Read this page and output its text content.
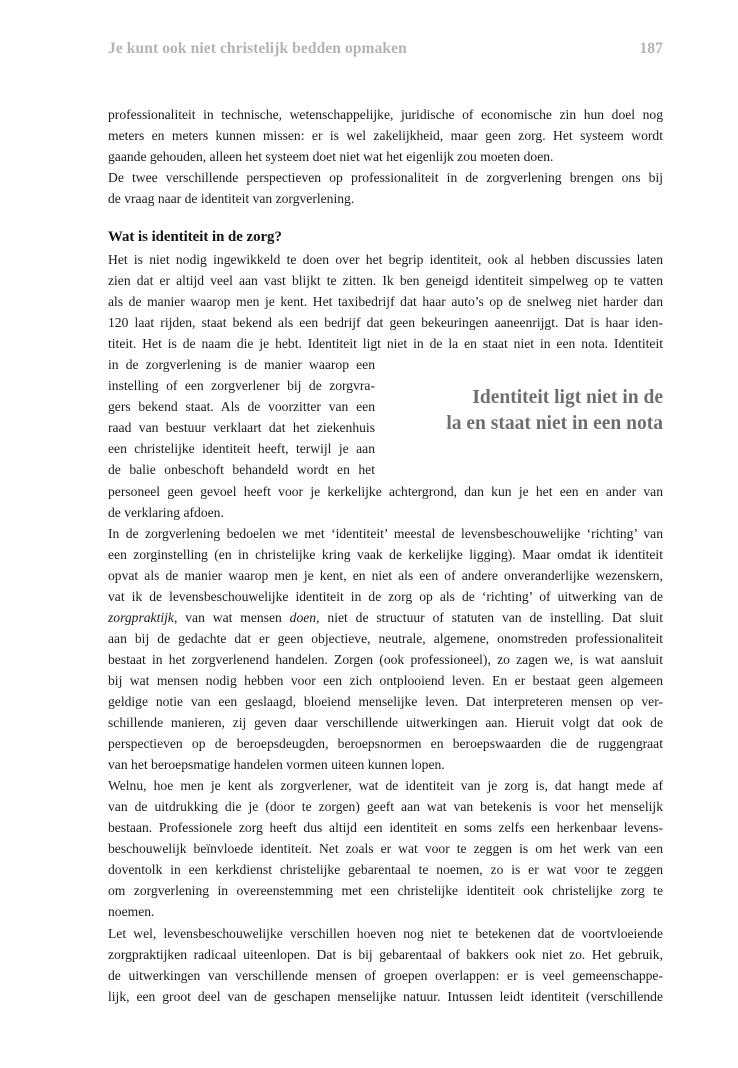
Je kunt ook niet christelijk bedden opmaken	187
professionaliteit in technische, wetenschappelijke, juridische of economische zin hun doel nog
meters en meters kunnen missen: er is wel zakelijkheid, maar geen zorg. Het systeem wordt
gaande gehouden, alleen het systeem doet niet wat het eigenlijk zou moeten doen.
De twee verschillende perspectieven op professionaliteit in de zorgverlening brengen ons bij
de vraag naar de identiteit van zorgverlening.
Wat is identiteit in de zorg?
Het is niet nodig ingewikkeld te doen over het begrip identiteit, ook al hebben discussies laten
zien dat er altijd veel aan vast blijkt te zitten. Ik ben geneigd identiteit simpelweg op te vatten
als de manier waarop men je kent. Het taxibedrijf dat haar auto’s op de snelweg niet harder dan
120 laat rijden, staat bekend als een bedrijf dat geen bekeuringen aaneenrijgt. Dat is haar iden-
titeit. Het is de naam die je hebt. Identiteit ligt niet in de la en staat niet in een nota. Identiteit
in de zorgverlening is de manier waarop een
instelling of een zorgverlener bij de zorgvra-
gers bekend staat. Als de voorzitter van een
raad van bestuur verklaart dat het ziekenhuis
een christelijke identiteit heeft, terwijl je aan
de balie onbeschoft behandeld wordt en het
personeel geen gevoel heeft voor je kerkelijke achtergrond, dan kun je het een en ander van
de verklaring afdoen.
In de zorgverlening bedoelen we met ‘identiteit’ meestal de levensbeschouwelijke ‘richting’ van
een zorginstelling (en in christelijke kring vaak de kerkelijke ligging). Maar omdat ik identiteit
opvat als de manier waarop men je kent, en niet als een of andere onveranderlijke wezenskern,
vat ik de levensbeschouwelijke identiteit in de zorg op als de ‘richting’ of uitwerking van de
zorgpraktijk, van wat mensen doen, niet de structuur of statuten van de instelling. Dat sluit
aan bij de gedachte dat er geen objectieve, neutrale, algemene, onomstreden professionaliteit
bestaat in het zorgverlenend handelen. Zorgen (ook professioneel), zo zagen we, is wat aansluit
bij wat mensen nodig hebben voor een zich ontplooiend leven. En er bestaat geen algemeen
geldige notie van een geslaagd, bloeiend menselijke leven. Dat interpreteren mensen op ver-
schillende manieren, zij geven daar verschillende uitwerkingen aan. Hieruit volgt dat ook de
perspectieven op de beroepsdeugden, beroepsnormen en beroepswaarden die de ruggengraat
van het beroepsmatige handelen vormen uiteen kunnen lopen.
Welnu, hoe men je kent als zorgverlener, wat de identiteit van je zorg is, dat hangt mede af
van de uitdrukking die je (door te zorgen) geeft aan wat van betekenis is voor het menselijk
bestaan. Professionele zorg heeft dus altijd een identiteit en soms zelfs een herkenbaar levens-
beschouwelijk beïnvloede identiteit. Net zoals er wat voor te zeggen is om het werk van een
doventolk in een kerkdienst christelijke gebarentaal te noemen, zo is er wat voor te zeggen
om zorgverlening in overeenstemming met een christelijke identiteit ook christelijke zorg te
noemen.
Let wel, levensbeschouwelijke verschillen hoeven nog niet te betekenen dat de voortvloeiende
zorgpraktijken radicaal uiteenlopen. Dat is bij gebarentaal of bakkers ook niet zo. Het gebruik,
de uitwerkingen van verschillende mensen of groepen overlappen: er is veel gemeenschappe-
lijk, een groot deel van de geschapen menselijke natuur. Intussen leidt identiteit (verschillende
Identiteit ligt niet in de
la en staat niet in een nota
